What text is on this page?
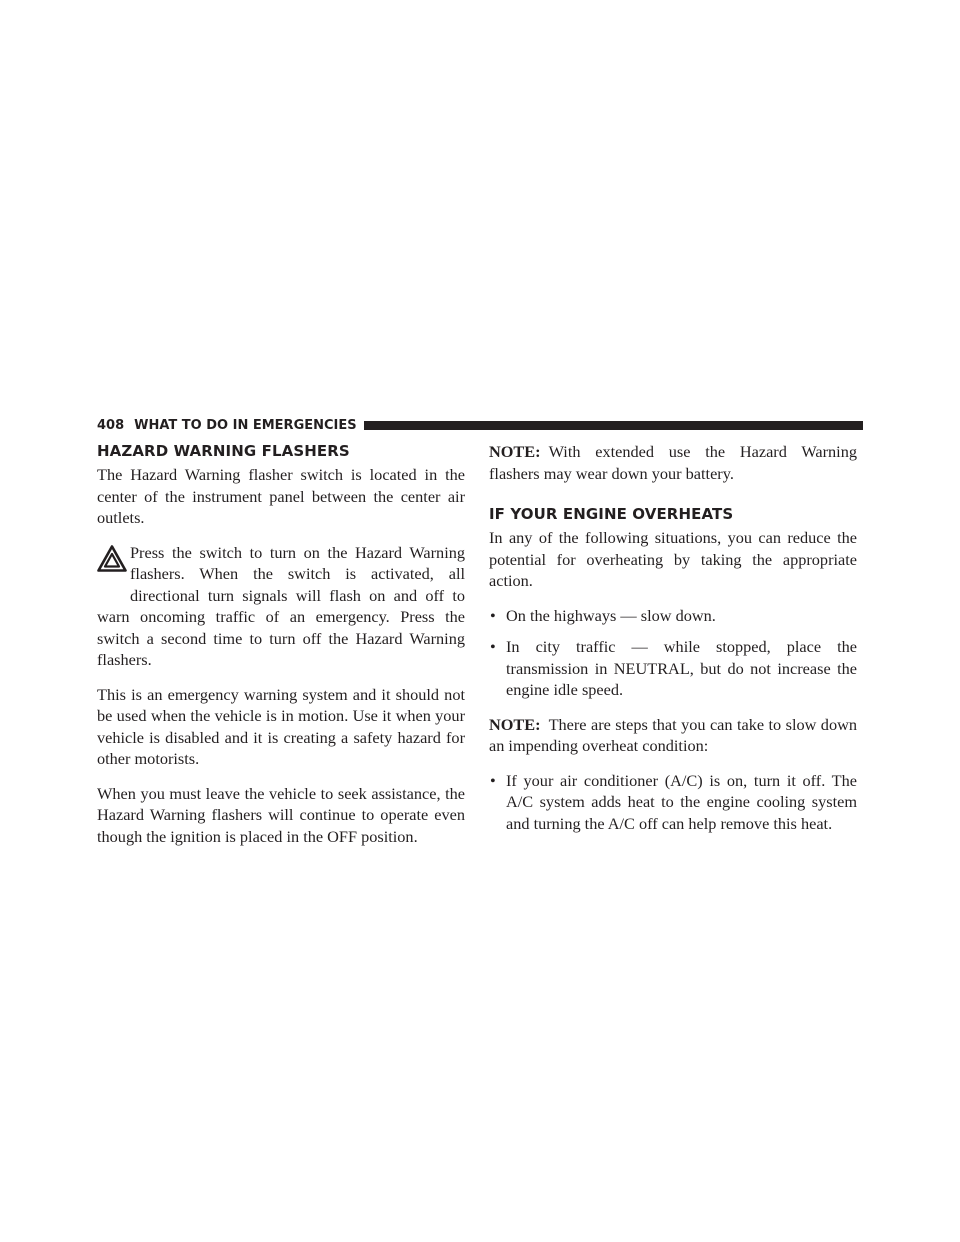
408 WHAT TO DO IN EMERGENCIES
HAZARD WARNING FLASHERS

The Hazard Warning flasher switch is located in the center of the instrument panel between the center air outlets.

Press the switch to turn on the Hazard Warning flashers. When the switch is activated, all directional turn signals will flash on and off to warn oncoming traffic of an emergency. Press the switch a second time to turn off the Hazard Warning flashers.

This is an emergency warning system and it should not be used when the vehicle is in motion. Use it when your vehicle is disabled and it is creating a safety hazard for other motorists.

When you must leave the vehicle to seek assistance, the Hazard Warning flashers will continue to operate even though the ignition is placed in the OFF position.

NOTE: With extended use the Hazard Warning flashers may wear down your battery.

IF YOUR ENGINE OVERHEATS

In any of the following situations, you can reduce the potential for overheating by taking the appropriate action.

• On the highways — slow down.

• In city traffic — while stopped, place the transmission in NEUTRAL, but do not increase the engine idle speed.

NOTE: There are steps that you can take to slow down an impending overheat condition:

• If your air conditioner (A/C) is on, turn it off. The A/C system adds heat to the engine cooling system and turning the A/C off can help remove this heat.
